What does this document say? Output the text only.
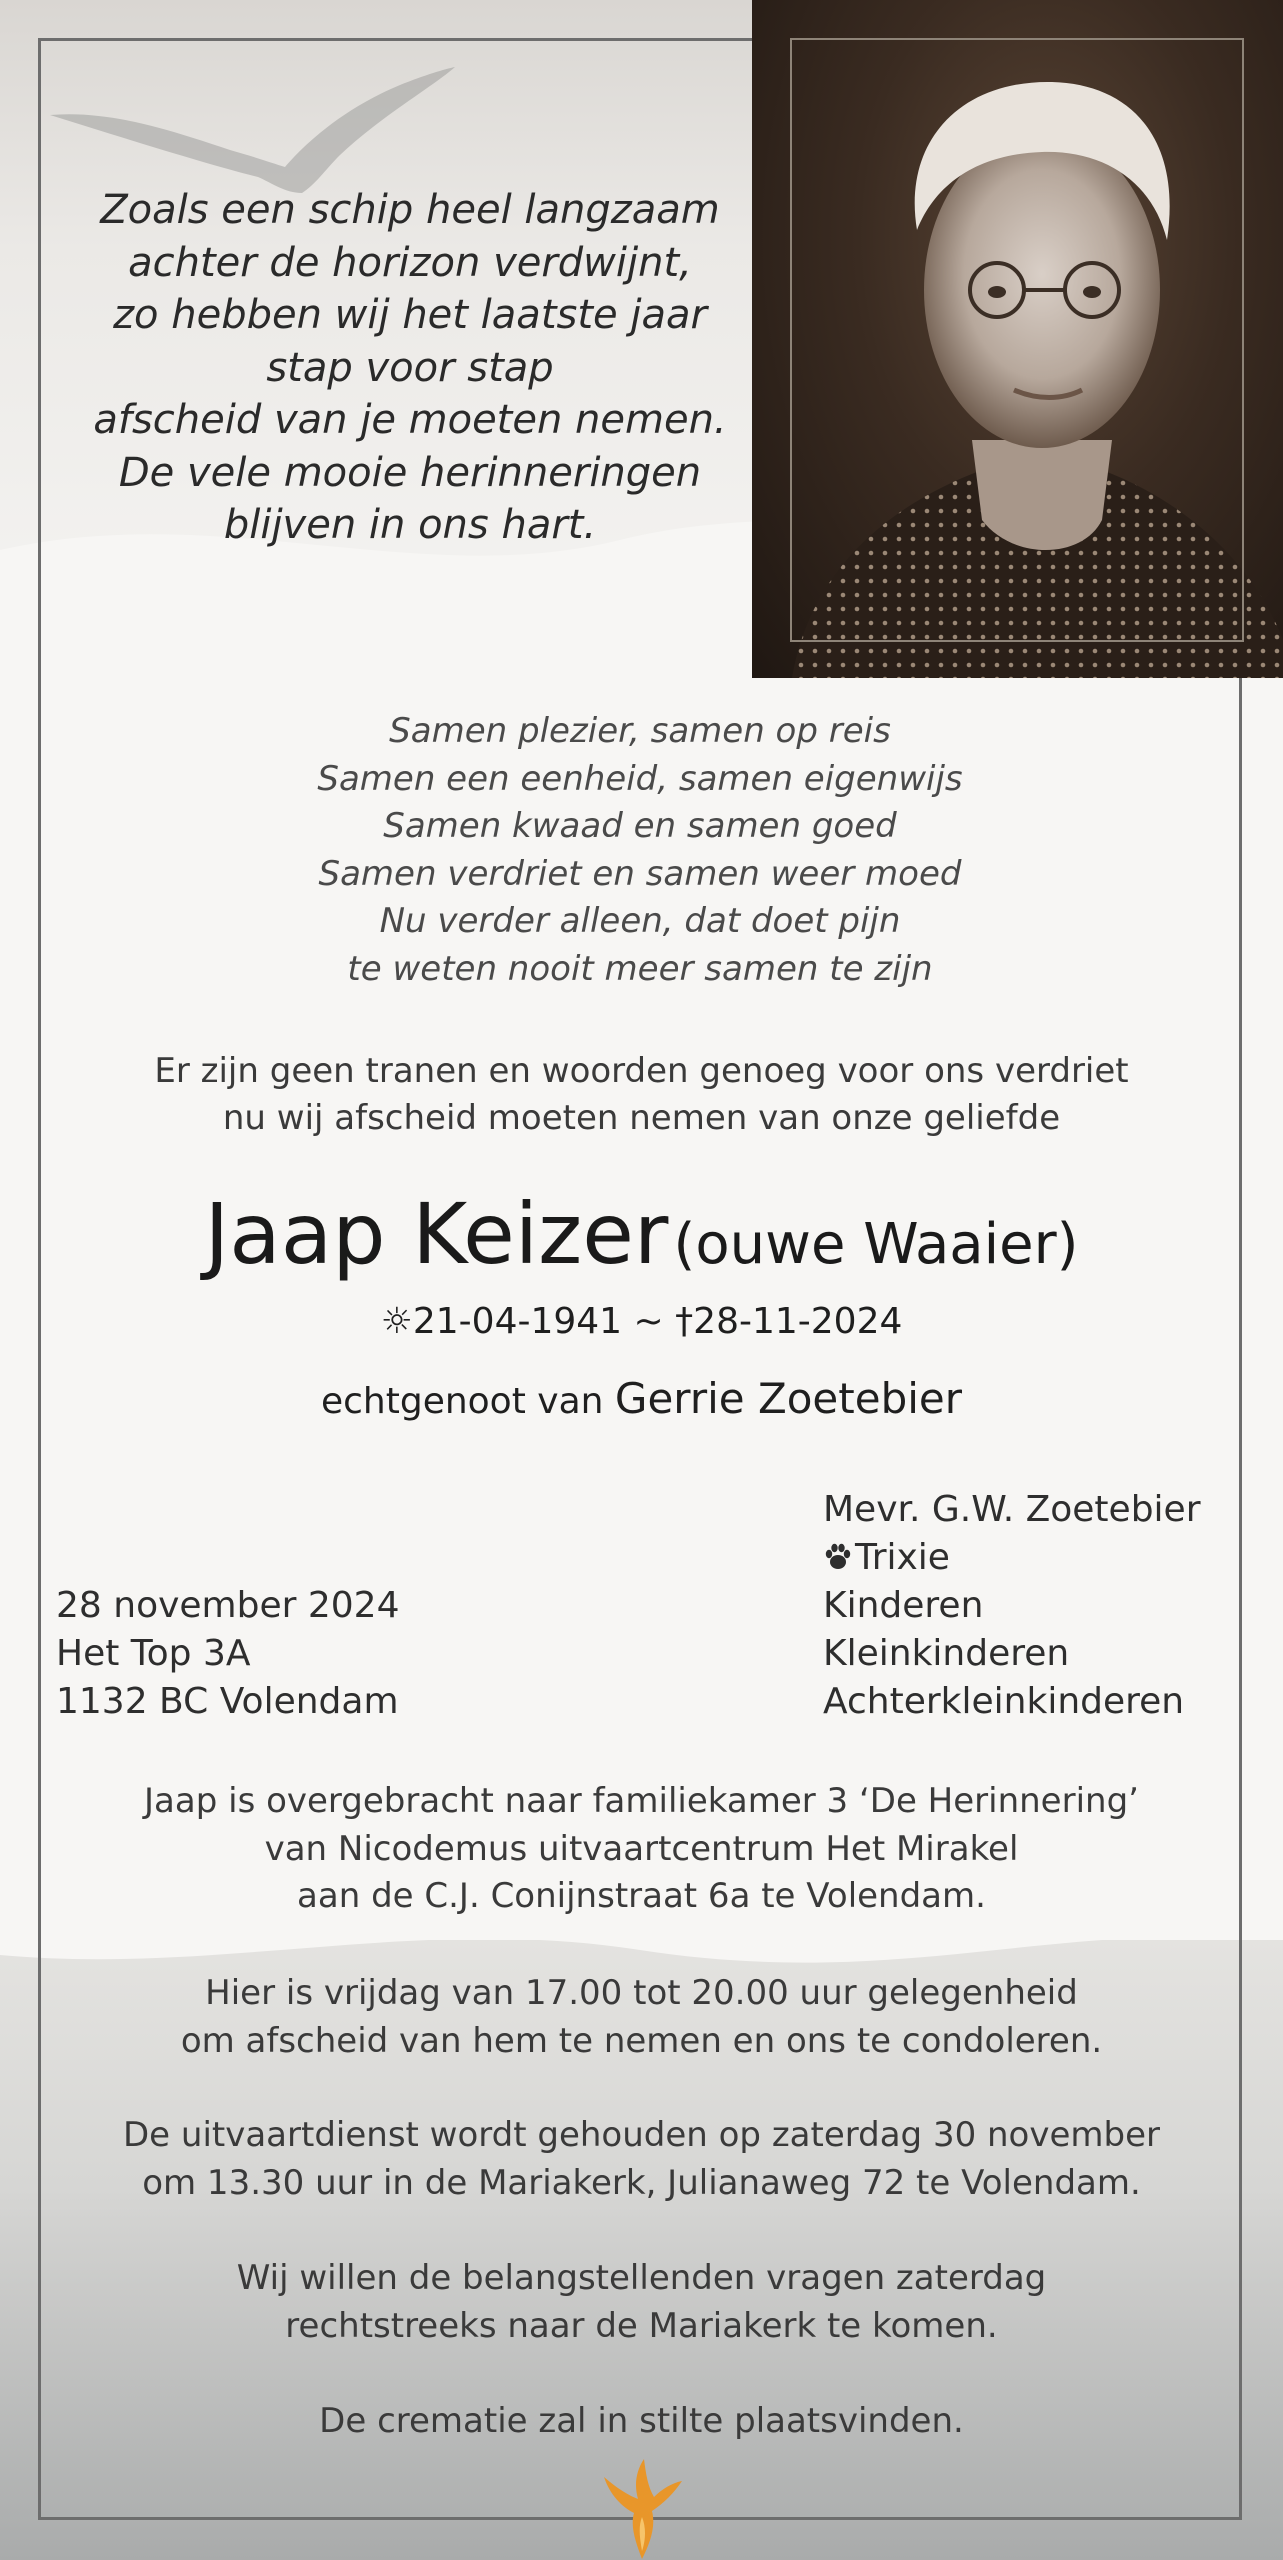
Zoals een schip heel langzaam
achter de horizon verdwijnt,
zo hebben wij het laatste jaar
stap voor stap
afscheid van je moeten nemen.
De vele mooie herinneringen
blijven in ons hart.
Samen plezier, samen op reis
Samen een eenheid, samen eigenwijs
Samen kwaad en samen goed
Samen verdriet en samen weer moed
Nu verder alleen, dat doet pijn
te weten nooit meer samen te zijn
Er zijn geen tranen en woorden genoeg voor ons verdriet
nu wij afscheid moeten nemen van onze geliefde
Jaap Keizer (ouwe Waaier)
☼21-04-1941 ~ †28-11-2024
echtgenoot van Gerrie Zoetebier
28 november 2024
Het Top 3A
1132 BC Volendam
Mevr. G.W. Zoetebier
Trixie
Kinderen
Kleinkinderen
Achterkleinkinderen
Jaap is overgebracht naar familiekamer 3 ‘De Herinnering’
van Nicodemus uitvaartcentrum Het Mirakel
aan de C.J. Conijnstraat 6a te Volendam.
Hier is vrijdag van 17.00 tot 20.00 uur gelegenheid
om afscheid van hem te nemen en ons te condoleren.
De uitvaartdienst wordt gehouden op zaterdag 30 november
om 13.30 uur in de Mariakerk, Julianaweg 72 te Volendam.
Wij willen de belangstellenden vragen zaterdag
rechtstreeks naar de Mariakerk te komen.
De crematie zal in stilte plaatsvinden.
